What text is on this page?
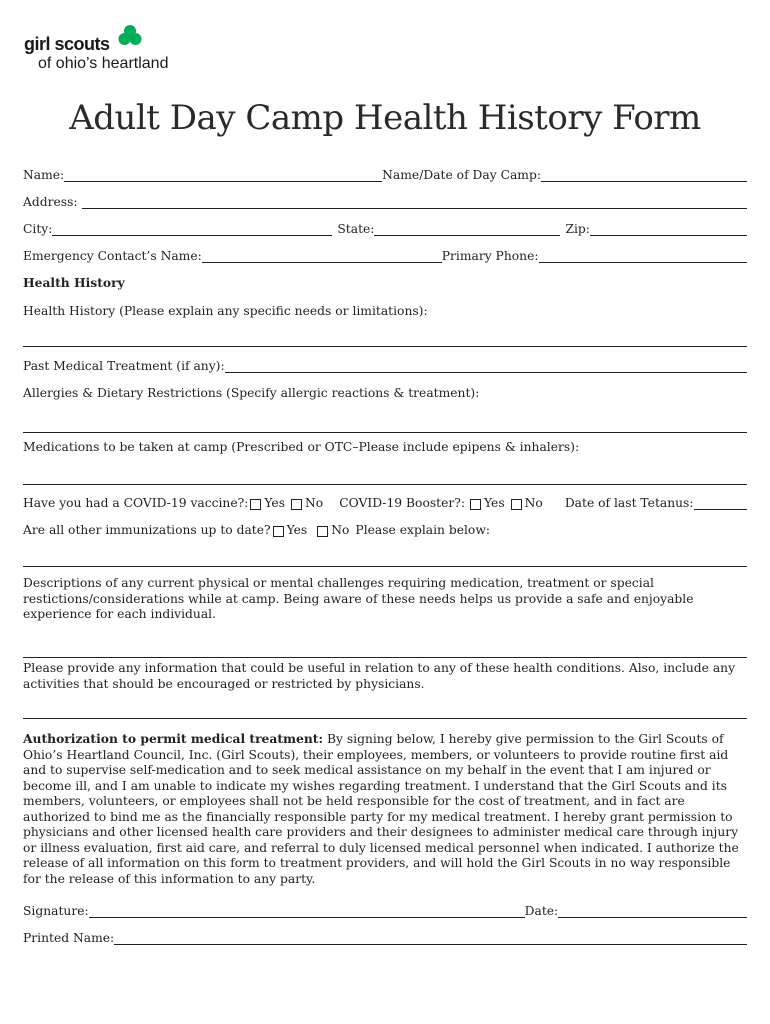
girl scouts
of ohio’s heartland
Adult Day Camp Health History Form
Name:	Name/Date of Day Camp:
Address:
City:	State:	Zip:
Emergency Contact’s Name:	Primary Phone:
Health History
Health History (Please explain any specific needs or limitations):
Past Medical Treatment (if any):
Allergies & Dietary Restrictions (Specify allergic reactions & treatment):
Medications to be taken at camp (Prescribed or OTC–Please include epipens & inhalers):
Have you had a COVID-19 vaccine?: Yes No COVID-19 Booster?: Yes No Date of last Tetanus:
Are all other immunizations up to date? Yes No Please explain below:
Descriptions of any current physical or mental challenges requiring medication, treatment or special restictions/considerations while at camp. Being aware of these needs helps us provide a safe and enjoyable experience for each individual.
Please provide any information that could be useful in relation to any of these health conditions. Also, include any activities that should be encouraged or restricted by physicians.
Authorization to permit medical treatment: By signing below, I hereby give permission to the Girl Scouts of Ohio’s Heartland Council, Inc. (Girl Scouts), their employees, members, or volunteers to provide routine first aid and to supervise self-medication and to seek medical assistance on my behalf in the event that I am injured or become ill, and I am unable to indicate my wishes regarding treatment. I understand that the Girl Scouts and its members, volunteers, or employees shall not be held responsible for the cost of treatment, and in fact are authorized to bind me as the financially responsible party for my medical treatment. I hereby grant permission to physicians and other licensed health care providers and their designees to administer medical care through injury or illness evaluation, first aid care, and referral to duly licensed medical personnel when indicated. I authorize the release of all information on this form to treatment providers, and will hold the Girl Scouts in no way responsible for the release of this information to any party.
Signature:	Date:
Printed Name:
